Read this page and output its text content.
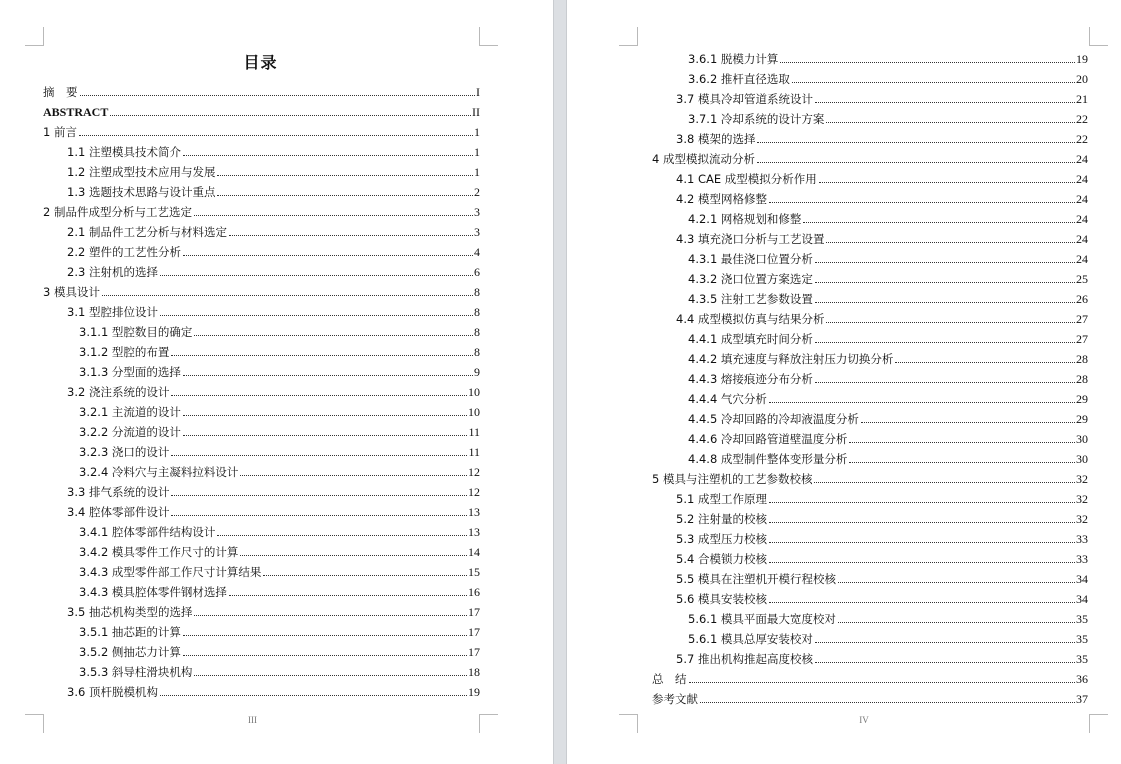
目录
摘　要	I
ABSTRACT	II
1 前言	1
1.1 注塑模具技术简介	1
1.2 注塑成型技术应用与发展	1
1.3 选题技术思路与设计重点	2
2 制品件成型分析与工艺选定	3
2.1 制品件工艺分析与材料选定	3
2.2 塑件的工艺性分析	4
2.3 注射机的选择	6
3 模具设计	8
3.1 型腔排位设计	8
3.1.1 型腔数目的确定	8
3.1.2 型腔的布置	8
3.1.3 分型面的选择	9
3.2 浇注系统的设计	10
3.2.1 主流道的设计	10
3.2.2 分流道的设计	11
3.2.3 浇口的设计	11
3.2.4 冷料穴与主凝料拉料设计	12
3.3 排气系统的设计	12
3.4 腔体零部件设计	13
3.4.1 腔体零部件结构设计	13
3.4.2 模具零件工作尺寸的计算	14
3.4.3 成型零件部工作尺寸计算结果	15
3.4.3 模具腔体零件钢材选择	16
3.5 抽芯机构类型的选择	17
3.5.1 抽芯距的计算	17
3.5.2 侧抽芯力计算	17
3.5.3 斜导柱滑块机构	18
3.6 顶杆脱模机构	19
III
3.6.1 脱模力计算	19
3.6.2 推杆直径选取	20
3.7 模具冷却管道系统设计	21
3.7.1 冷却系统的设计方案	22
3.8 模架的选择	22
4 成型模拟流动分析	24
4.1 CAE 成型模拟分析作用	24
4.2 模型网格修整	24
4.2.1 网格规划和修整	24
4.3 填充浇口分析与工艺设置	24
4.3.1 最佳浇口位置分析	24
4.3.2 浇口位置方案选定	25
4.3.5 注射工艺参数设置	26
4.4 成型模拟仿真与结果分析	27
4.4.1 成型填充时间分析	27
4.4.2 填充速度与释放注射压力切换分析	28
4.4.3 熔接痕迹分布分析	28
4.4.4 气穴分析	29
4.4.5 冷却回路的冷却液温度分析	29
4.4.6 冷却回路管道壁温度分析	30
4.4.8 成型制件整体变形量分析	30
5 模具与注塑机的工艺参数校核	32
5.1 成型工作原理	32
5.2 注射量的校核	32
5.3 成型压力校核	33
5.4 合模锁力校核	33
5.5 模具在注塑机开模行程校核	34
5.6 模具安装校核	34
5.6.1 模具平面最大宽度校对	35
5.6.1 模具总厚安装校对	35
5.7 推出机构推起高度校核	35
总　结	36
参考文献	37
IV
